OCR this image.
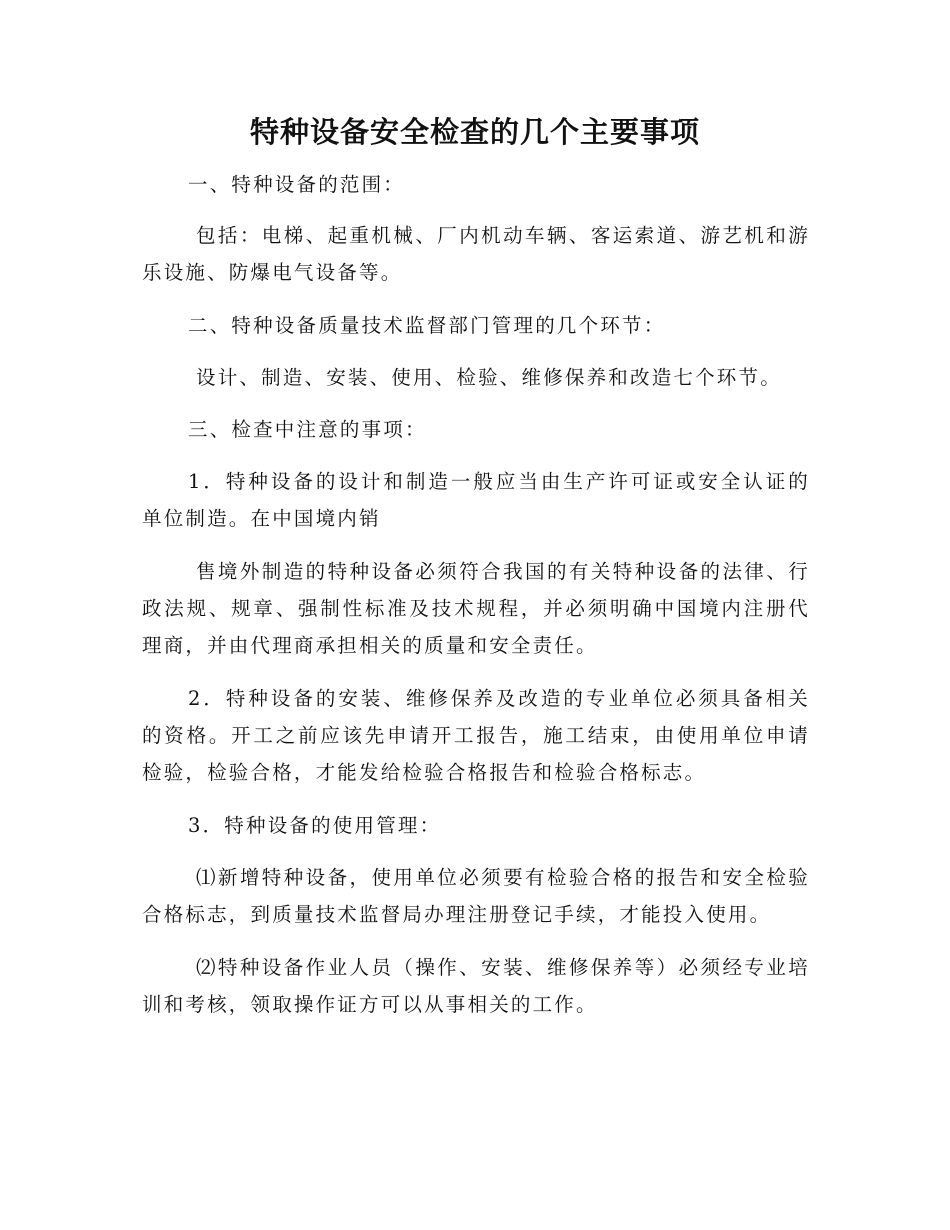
特种设备安全检查的几个主要事项

一、特种设备的范围：

包括：电梯、起重机械、厂内机动车辆、客运索道、游艺机和游乐设施、防爆电气设备等。

二、特种设备质量技术监督部门管理的几个环节：

设计、制造、安装、使用、检验、维修保养和改造七个环节。

三、检查中注意的事项：

1．特种设备的设计和制造一般应当由生产许可证或安全认证的单位制造。在中国境内销

售境外制造的特种设备必须符合我国的有关特种设备的法律、行政法规、规章、强制性标准及技术规程，并必须明确中国境内注册代理商，并由代理商承担相关的质量和安全责任。

2．特种设备的安装、维修保养及改造的专业单位必须具备相关的资格。开工之前应该先申请开工报告，施工结束，由使用单位申请检验，检验合格，才能发给检验合格报告和检验合格标志。

3．特种设备的使用管理：

⑴新增特种设备，使用单位必须要有检验合格的报告和安全检验合格标志，到质量技术监督局办理注册登记手续，才能投入使用。

⑵特种设备作业人员（操作、安装、维修保养等）必须经专业培训和考核，领取操作证方可以从事相关的工作。
